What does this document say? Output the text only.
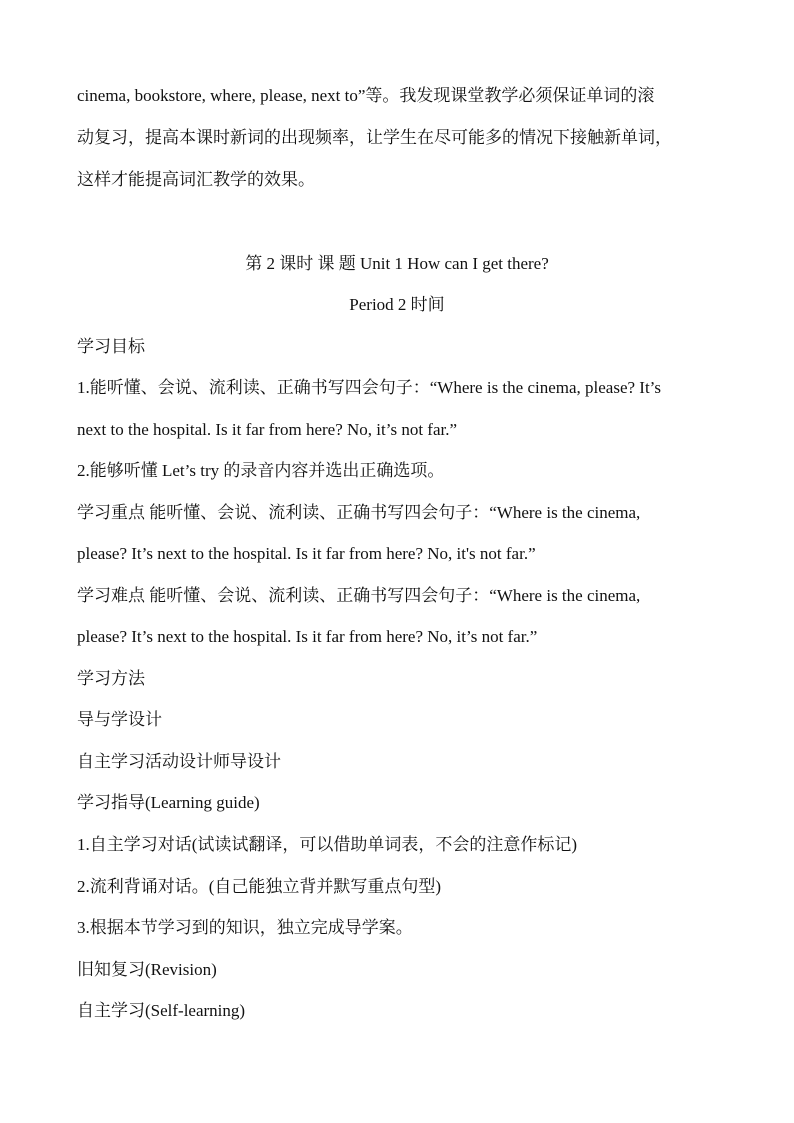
cinema, bookstore, where, please, next to”等。我发现课堂教学必须保证单词的滚
动复习，提高本课时新词的出现频率，让学生在尽可能多的情况下接触新单词，
这样才能提高词汇教学的效果。
第 2 课时 课 题 Unit 1 How can I get there?
Period 2 时间
学习目标
1.能听懂、会说、流利读、正确书写四会句子：“Where is the cinema, please? It’s
next to the hospital. Is it far from here? No, it’s not far.”
2.能够听懂 Let’s try 的录音内容并选出正确选项。
学习重点 能听懂、会说、流利读、正确书写四会句子：“Where is the cinema,
please? It’s next to the hospital. Is it far from here? No, it's not far.”
学习难点 能听懂、会说、流利读、正确书写四会句子：“Where is the cinema,
please? It’s next to the hospital. Is it far from here? No, it’s not far.”
学习方法
导与学设计
自主学习活动设计师导设计
学习指导(Learning guide)
1.自主学习对话(试读试翻译，可以借助单词表，不会的注意作标记)
2.流利背诵对话。(自己能独立背并默写重点句型)
3.根据本节学习到的知识，独立完成导学案。
旧知复习(Revision)
自主学习(Self-learning)
